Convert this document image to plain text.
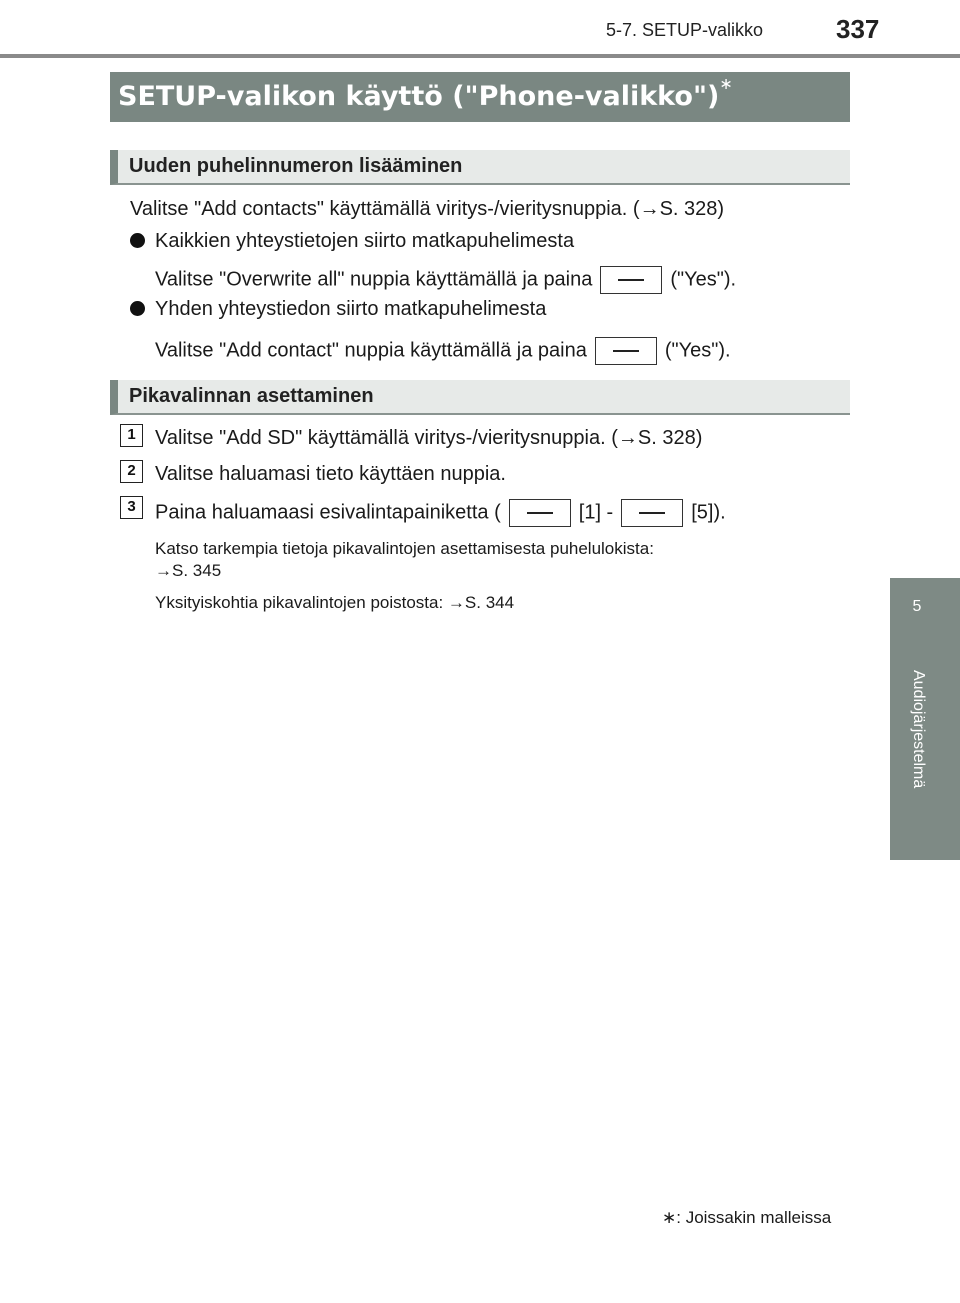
5-7. SETUP-valikko	337
5
Audiojärjestelmä
SETUP-valikon käyttö ("Phone-valikko")∗
Uuden puhelinnumeron lisääminen
Valitse "Add contacts" käyttämällä viritys-/vieritysnuppia. (→S. 328)
Kaikkien yhteystietojen siirto matkapuhelimesta
Valitse "Overwrite all" nuppia käyttämällä ja paina	("Yes").
Yhden yhteystiedon siirto matkapuhelimesta
Valitse "Add contact" nuppia käyttämällä ja paina	("Yes").
Pikavalinnan asettaminen
1 Valitse "Add SD" käyttämällä viritys-/vieritysnuppia. (→S. 328)
2 Valitse haluamasi tieto käyttäen nuppia.
3 Paina haluamaasi esivalintapainiketta (	[1] -	[5]).
Katso tarkempia tietoja pikavalintojen asettamisesta puhelulokista:
→S. 345
Yksityiskohtia pikavalintojen poistosta: →S. 344
∗: Joissakin malleissa
